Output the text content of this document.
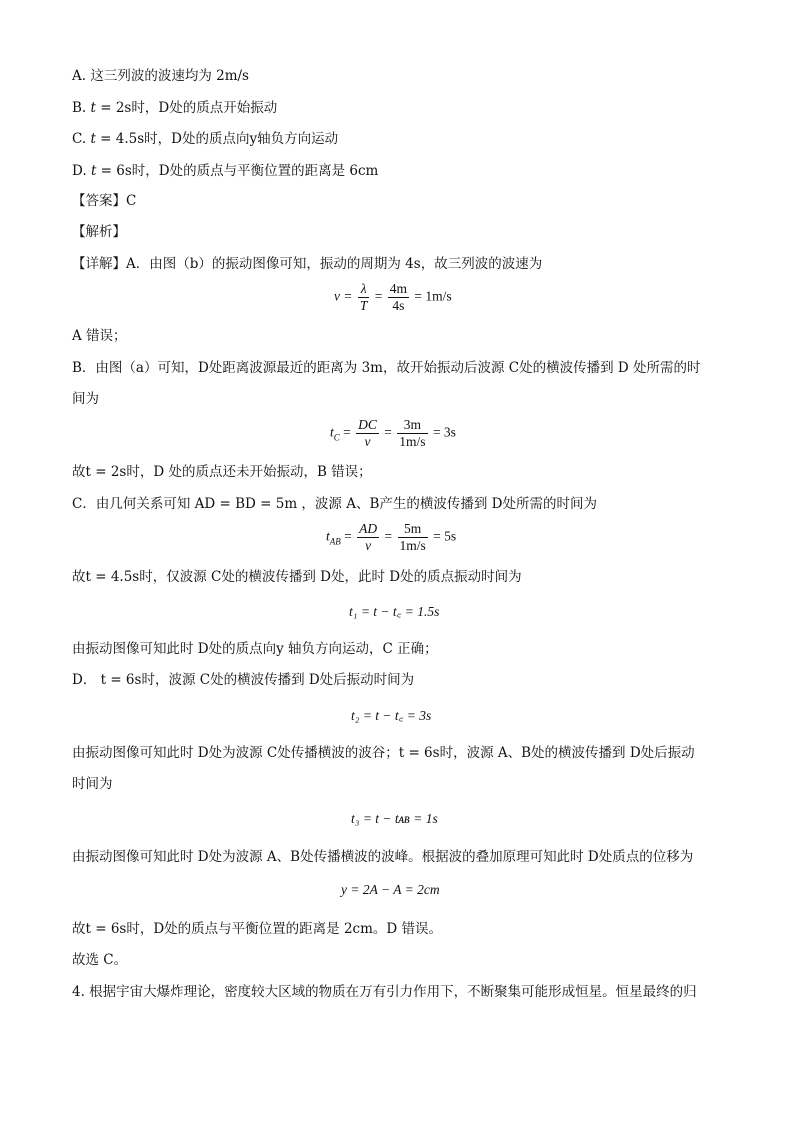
A. 这三列波的波速均为 2m/s
B. t = 2s时，D处的质点开始振动
C. t = 4.5s时，D处的质点向y轴负方向运动
D. t = 6s时，D处的质点与平衡位置的距离是 6cm
【答案】C
【解析】
【详解】A．由图（b）的振动图像可知，振动的周期为 4s，故三列波的波速为
$v = \frac{\lambda}{T} = \frac{4m}{4s} = 1m/s$
A 错误；
B．由图（a）可知，D处距离波源最近的距离为 3m，故开始振动后波源 C处的横波传播到 D 处所需的时
间为
$t_C = \frac{DC}{v} = \frac{3m}{1m/s} = 3s$
故t = 2s时，D 处的质点还未开始振动，B 错误；
C．由几何关系可知 AD = BD = 5m ，波源 A、B产生的横波传播到 D处所需的时间为
$t_{AB} = \frac{AD}{v} = \frac{5m}{1m/s} = 5s$
故t = 4.5s时，仅波源 C处的横波传播到 D处，此时 D处的质点振动时间为
t₁ = t − t꜀ = 1.5s
由振动图像可知此时 D处的质点向y 轴负方向运动，C 正确；
D． t = 6s时，波源 C处的横波传播到 D处后振动时间为
t₂ = t − t꜀ = 3s
由振动图像可知此时 D处为波源 C处传播横波的波谷；t = 6s时，波源 A、B处的横波传播到 D处后振动
时间为
t₃ = t − tᴀʙ = 1s
由振动图像可知此时 D处为波源 A、B处传播横波的波峰。根据波的叠加原理可知此时 D处质点的位移为
y = 2A − A = 2cm
故t = 6s时，D处的质点与平衡位置的距离是 2cm。D 错误。
故选 C。
4. 根据宇宙大爆炸理论，密度较大区域的物质在万有引力作用下，不断聚集可能形成恒星。恒星最终的归
